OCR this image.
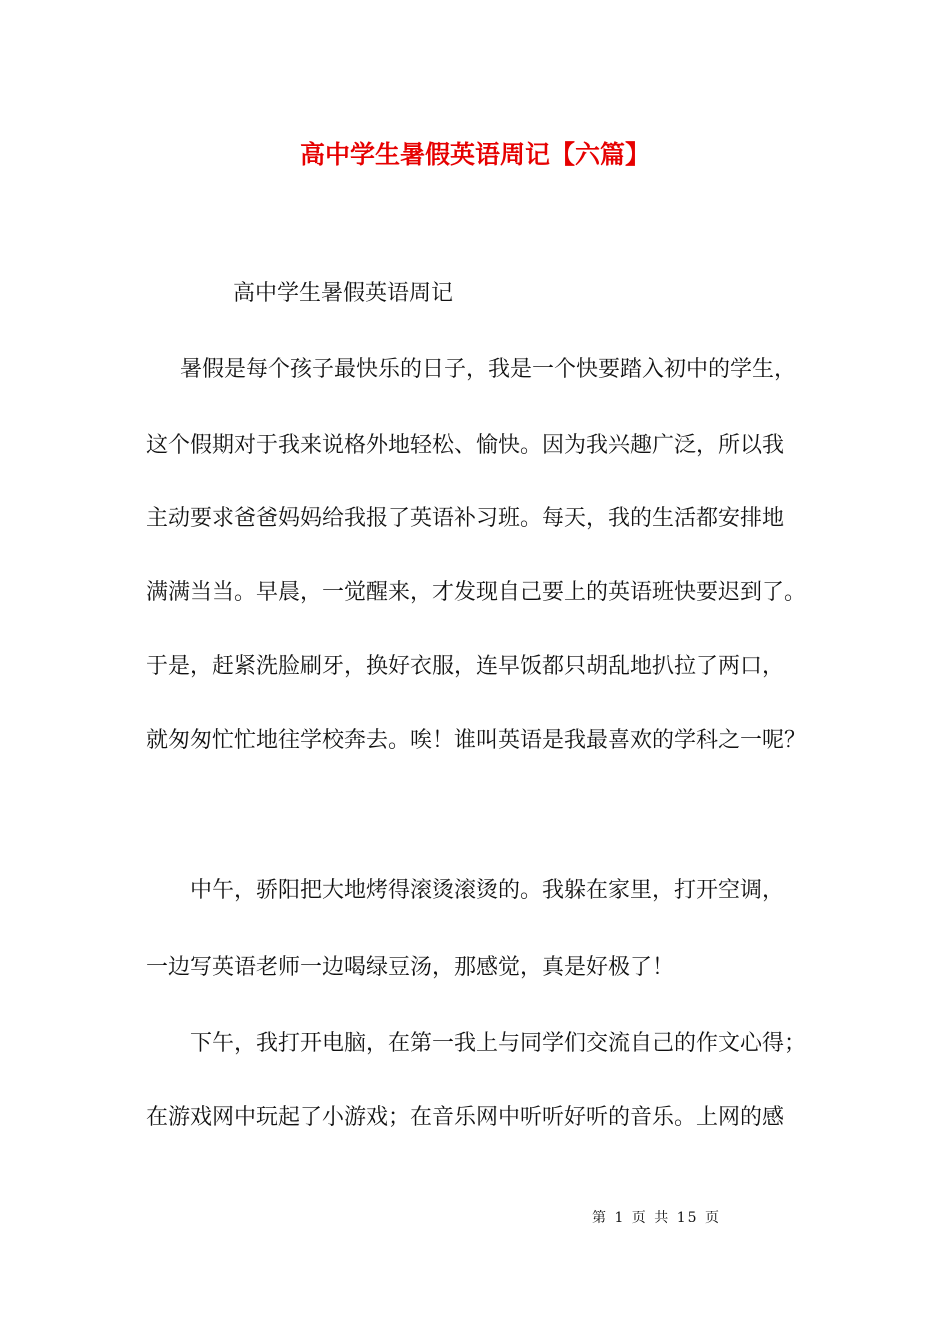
高中学生暑假英语周记【六篇】
高中学生暑假英语周记
暑假是每个孩子最快乐的日子，我是一个快要踏入初中的学生，
这个假期对于我来说格外地轻松、愉快。因为我兴趣广泛，所以我
主动要求爸爸妈妈给我报了英语补习班。每天，我的生活都安排地
满满当当。早晨，一觉醒来，才发现自己要上的英语班快要迟到了。
于是，赶紧洗脸刷牙，换好衣服，连早饭都只胡乱地扒拉了两口，
就匆匆忙忙地往学校奔去。唉！谁叫英语是我最喜欢的学科之一呢？
中午，骄阳把大地烤得滚烫滚烫的。我躲在家里，打开空调，
一边写英语老师一边喝绿豆汤，那感觉，真是好极了！
下午，我打开电脑，在第一我上与同学们交流自己的作文心得；
在游戏网中玩起了小游戏；在音乐网中听听好听的音乐。上网的感
第 1 页 共 15 页
